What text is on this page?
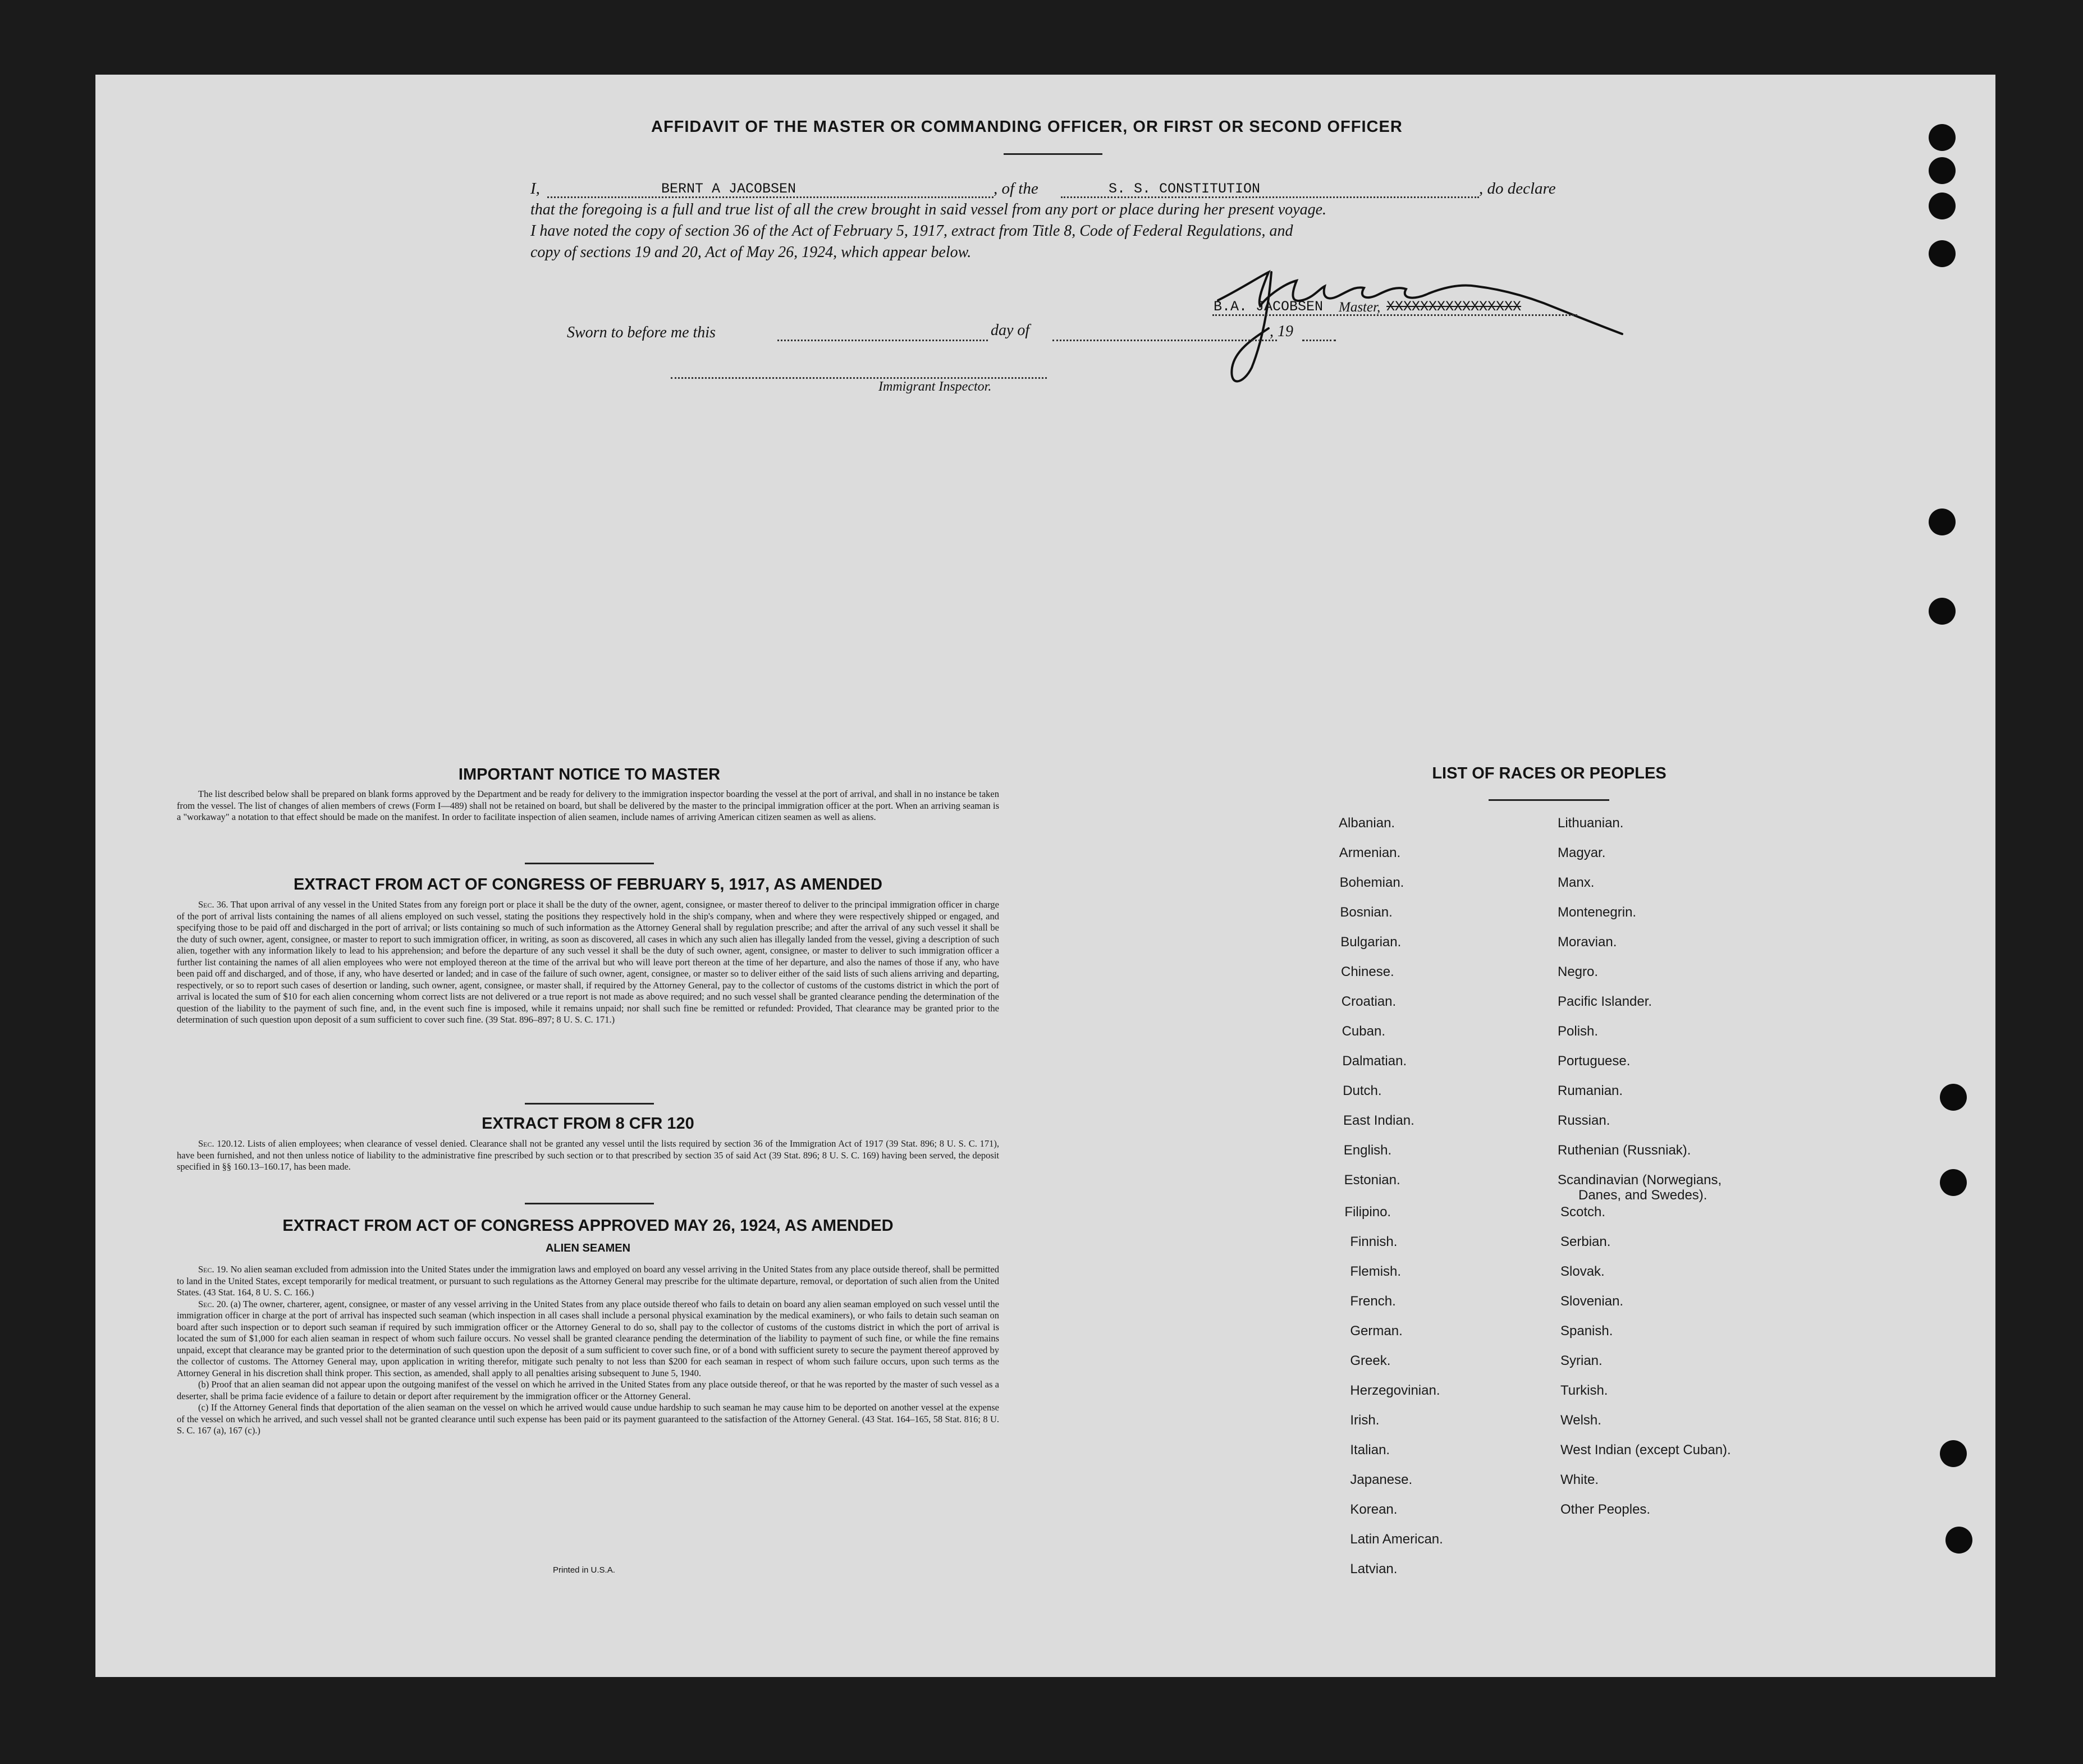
AFFIDAVIT OF THE MASTER OR COMMANDING OFFICER, OR FIRST OR SECOND OFFICER
I,	BERNT A JACOBSEN	, of the	S. S. CONSTITUTION	, do declare
that the foregoing is a full and true list of all the crew brought in said vessel from any port or place during her present voyage.
I have noted the copy of section 36 of the Act of February 5, 1917, extract from Title 8, Code of Federal Regulations, and
copy of sections 19 and 20, Act of May 26, 1924, which appear below.
B.A. JACOBSEN Master, XXXXXXXXXXXXXXXX
Sworn to before me this	day of	, 19
Immigrant Inspector.
IMPORTANT NOTICE TO MASTER

The list described below shall be prepared on blank forms approved by the Department and be ready for delivery to the immigration inspector boarding the vessel at the port of arrival, and shall in no instance be taken from the vessel. The list of changes of alien members of crews (Form I—489) shall not be retained on board, but shall be delivered by the master to the principal immigration officer at the port. When an arriving seaman is a "workaway" a notation to that effect should be made on the manifest. In order to facilitate inspection of alien seamen, include names of arriving American citizen seamen as well as aliens.

EXTRACT FROM ACT OF CONGRESS OF FEBRUARY 5, 1917, AS AMENDED

Sec. 36. That upon arrival of any vessel in the United States from any foreign port or place it shall be the duty of the owner, agent, consignee, or master thereof to deliver to the principal immigration officer in charge of the port of arrival lists containing the names of all aliens employed on such vessel, stating the positions they respectively hold in the ship's company, when and where they were respectively shipped or engaged, and specifying those to be paid off and discharged in the port of arrival; or lists containing so much of such information as the Attorney General shall by regulation prescribe; and after the arrival of any such vessel it shall be the duty of such owner, agent, consignee, or master to report to such immigration officer, in writing, as soon as discovered, all cases in which any such alien has illegally landed from the vessel, giving a description of such alien, together with any information likely to lead to his apprehension; and before the departure of any such vessel it shall be the duty of such owner, agent, consignee, or master to deliver to such immigration officer a further list containing the names of all alien employees who were not employed thereon at the time of the arrival but who will leave port thereon at the time of her departure, and also the names of those if any, who have been paid off and discharged, and of those, if any, who have deserted or landed; and in case of the failure of such owner, agent, consignee, or master so to deliver either of the said lists of such aliens arriving and departing, respectively, or so to report such cases of desertion or landing, such owner, agent, consignee, or master shall, if required by the Attorney General, pay to the collector of customs of the customs district in which the port of arrival is located the sum of $10 for each alien concerning whom correct lists are not delivered or a true report is not made as above required; and no such vessel shall be granted clearance pending the determination of the question of the liability to the payment of such fine, and, in the event such fine is imposed, while it remains unpaid; nor shall such fine be remitted or refunded: Provided, That clearance may be granted prior to the determination of such question upon deposit of a sum sufficient to cover such fine. (39 Stat. 896–897; 8 U. S. C. 171.)

EXTRACT FROM 8 CFR 120

Sec. 120.12. Lists of alien employees; when clearance of vessel denied. Clearance shall not be granted any vessel until the lists required by section 36 of the Immigration Act of 1917 (39 Stat. 896; 8 U. S. C. 171), have been furnished, and not then unless notice of liability to the administrative fine prescribed by such section or to that prescribed by section 35 of said Act (39 Stat. 896; 8 U. S. C. 169) having been served, the deposit specified in §§ 160.13–160.17, has been made.

EXTRACT FROM ACT OF CONGRESS APPROVED MAY 26, 1924, AS AMENDED
ALIEN SEAMEN

Sec. 19. No alien seaman excluded from admission into the United States under the immigration laws and employed on board any vessel arriving in the United States from any place outside thereof, shall be permitted to land in the United States, except temporarily for medical treatment, or pursuant to such regulations as the Attorney General may prescribe for the ultimate departure, removal, or deportation of such alien from the United States. (43 Stat. 164, 8 U. S. C. 166.)

Sec. 20. (a) The owner, charterer, agent, consignee, or master of any vessel arriving in the United States from any place outside thereof who fails to detain on board any alien seaman employed on such vessel until the immigration officer in charge at the port of arrival has inspected such seaman (which inspection in all cases shall include a personal physical examination by the medical examiners), or who fails to detain such seaman on board after such inspection or to deport such seaman if required by such immigration officer or the Attorney General to do so, shall pay to the collector of customs of the customs district in which the port of arrival is located the sum of $1,000 for each alien seaman in respect of whom such failure occurs. No vessel shall be granted clearance pending the determination of the liability to payment of such fine, or while the fine remains unpaid, except that clearance may be granted prior to the determination of such question upon the deposit of a sum sufficient to cover such fine, or of a bond with sufficient surety to secure the payment thereof approved by the collector of customs. The Attorney General may, upon application in writing therefor, mitigate such penalty to not less than $200 for each seaman in respect of whom such failure occurs, upon such terms as the Attorney General in his discretion shall think proper. This section, as amended, shall apply to all penalties arising subsequent to June 5, 1940.

(b) Proof that an alien seaman did not appear upon the outgoing manifest of the vessel on which he arrived in the United States from any place outside thereof, or that he was reported by the master of such vessel as a deserter, shall be prima facie evidence of a failure to detain or deport after requirement by the immigration officer or the Attorney General.

(c) If the Attorney General finds that deportation of the alien seaman on the vessel on which he arrived would cause undue hardship to such seaman he may cause him to be deported on another vessel at the expense of the vessel on which he arrived, and such vessel shall not be granted clearance until such expense has been paid or its payment guaranteed to the satisfaction of the Attorney General. (43 Stat. 164–165, 58 Stat. 816; 8 U. S. C. 167 (a), 167 (c).)

Printed in U.S.A.
LIST OF RACES OR PEOPLES
Albanian.
Armenian.
Bohemian.
Bosnian.
Bulgarian.
Chinese.
Croatian.
Cuban.
Dalmatian.
Dutch.
East Indian.
English.
Estonian.
Filipino.
Finnish.
Flemish.
French.
German.
Greek.
Herzegovinian.
Irish.
Italian.
Japanese.
Korean.
Latin American.
Latvian.
Lithuanian.
Magyar.
Manx.
Montenegrin.
Moravian.
Negro.
Pacific Islander.
Polish.
Portuguese.
Rumanian.
Russian.
Ruthenian (Russniak).
Scandinavian (Norwegians,
Danes, and Swedes).
Scotch.
Serbian.
Slovak.
Slovenian.
Spanish.
Syrian.
Turkish.
Welsh.
West Indian (except Cuban).
White.
Other Peoples.
